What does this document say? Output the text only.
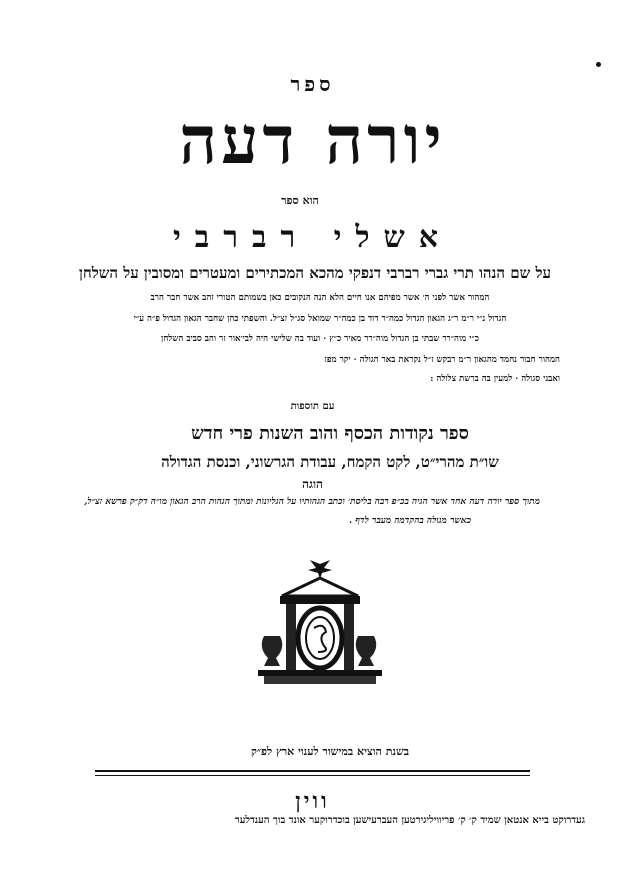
ספר
יורה דעה
הוא ספר
אשלי רברבי
על שם הנהו תרי גברי רברבי דנפקי מהכא המכתירים ומעטרים ומסובין על השלחן
המהור אשר לפני ה׳ אשר מפיהם אנו חיים הלא הנה הנקובים כאן בשמותם הטורי זהב אשר חבר הרב
הגדול נ״י ר״מ ר״ג הגאון הגדול כמה״ר דוד בן כמה״ר שמואל סג״ל זצ״ל. והשפתי כהן שחבר הגאון הגדול פ״ה ע״י
כ״י מוה״רר שבתי בן הגדול מוה״רר מאיר כ״ץ · ועוד בה שלישי היה לבי׳אור זר והב סביב השלחן
המהור חבור נחמד מהגאון ר״מ רבקש ז״ל נקראת באר הגולה · יקר מפז
ואבני סגולה · למעין בה ברשת צלולה :
עם תוספות
ספר נקודות הכסף והוב השנות פרי חדש
שו״ת מהרי״ט, לקט הקמח, עבודת הגרשוני, וכנסת הגדולה
הוגה
מתוך ספר יורה דעה אחד אשר הגיה בכ״פ רבה בליסת׳ וכתב הגהותיו על הגליונות ומתוך הגהות הרב הגאון מו״ה דק״ק פרשא זצ״ל,
כאשר מגולה בהקדמה מעבר לדף .
בשנת הוציא במישור לענוי ארץ לפ״ק
ווין
געדרוקט בייא אנטאן שמיד ק׳ ק׳ פריוויליגירטען העברעישען בוכדרוקער אונד בוך הענדלער
